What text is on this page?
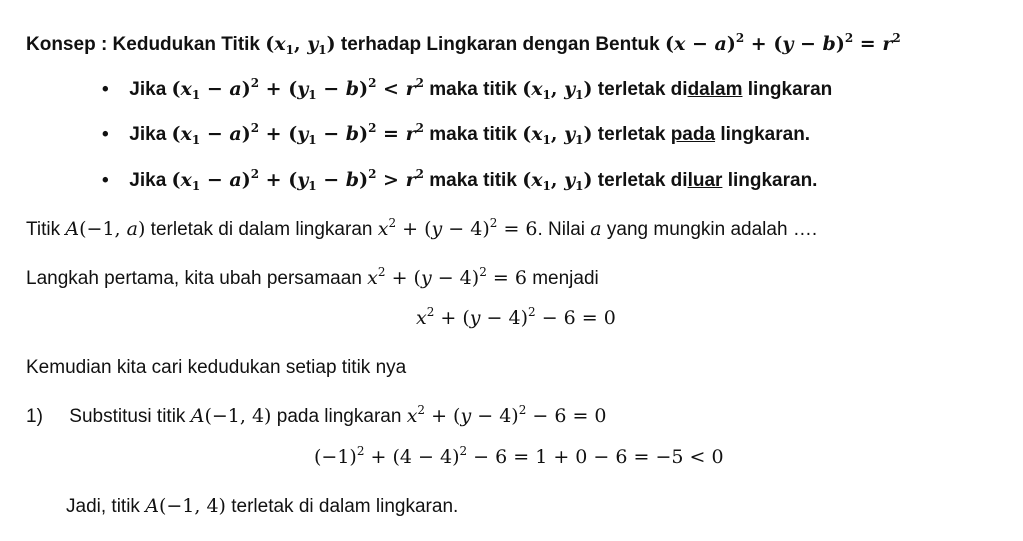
Konsep : Kedudukan Titik ($x_1$, $y_1$) terhadap Lingkaran dengan Bentuk $(x - a)^2 + (y - b)^2 = r^2$
• Jika $(x_1 - a)^2 + (y_1 - b)^2 < r^2$ maka titik ($x_1$, $y_1$) terletak didalam lingkaran
• Jika $(x_1 - a)^2 + (y_1 - b)^2 = r^2$ maka titik ($x_1$, $y_1$) terletak pada lingkaran.
• Jika $(x_1 - a)^2 + (y_1 - b)^2 > r^2$ maka titik ($x_1$, $y_1$) terletak diluar lingkaran.
Titik A(−1, a) terletak di dalam lingkaran $x^2 + (y - 4)^2 = 6$. Nilai a yang mungkin adalah ….
Langkah pertama, kita ubah persamaan $x^2 + (y - 4)^2 = 6$ menjadi
$x^2 + (y - 4)^2 - 6 = 0$
Kemudian kita cari kedudukan setiap titik nya
1) Substitusi titik A(−1, 4) pada lingkaran $x^2 + (y - 4)^2 - 6 = 0$
$(-1)^2 + (4 - 4)^2 - 6 = 1 + 0 - 6 = -5 < 0$
Jadi, titik A(−1, 4) terletak di dalam lingkaran.
